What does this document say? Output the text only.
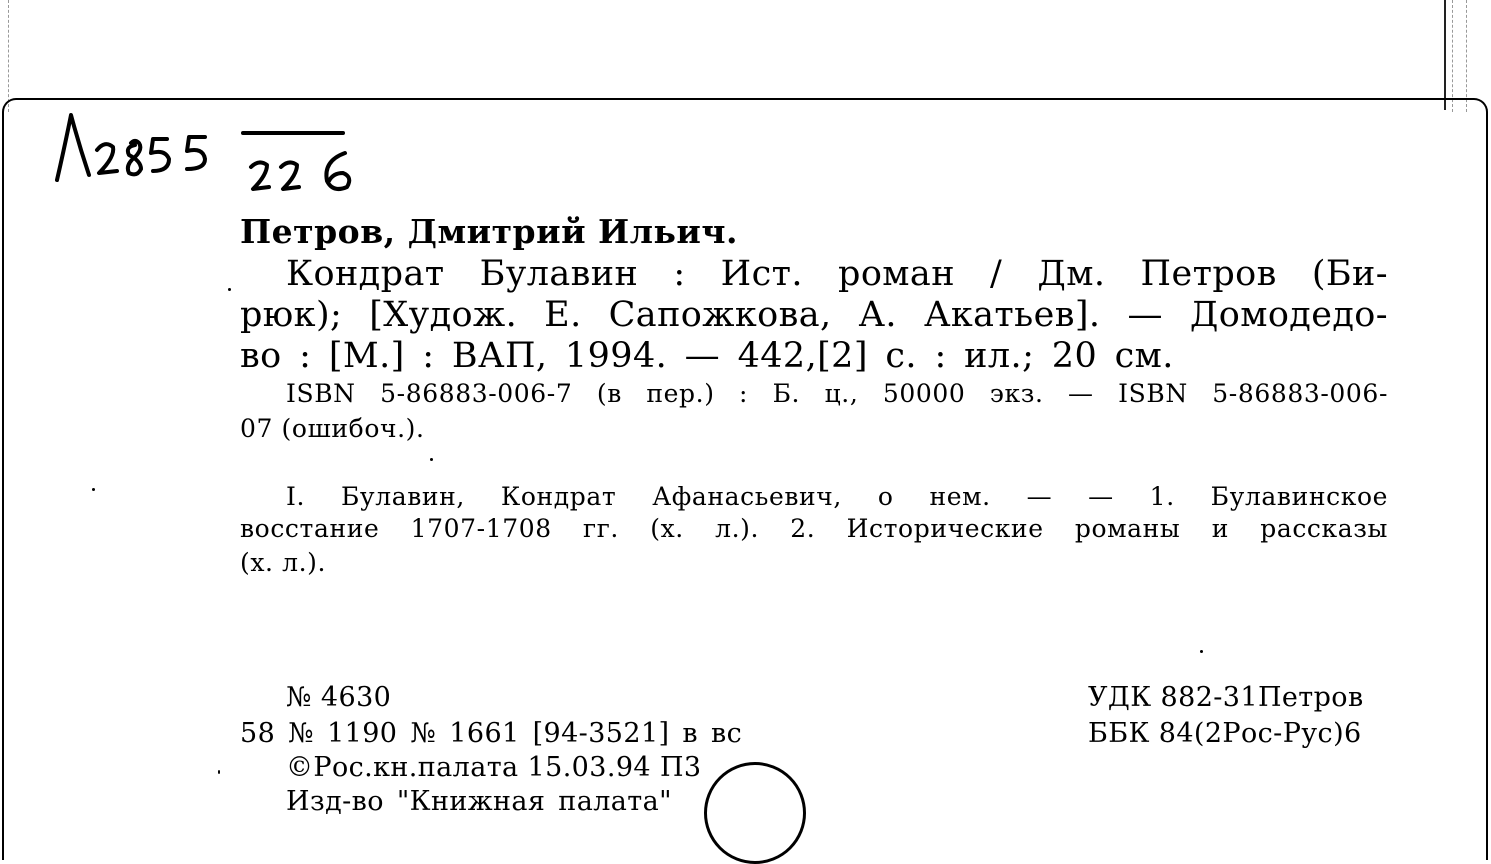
Петров, Дмитрий Ильич.
Кондрат Булавин : Ист. роман / Дм. Петров (Би-
рюк); [Худож. Е. Сапожкова, А. Акатьев]. — Домодедо-
во : [М.] : ВАП, 1994. — 442,[2] с. : ил.; 20 см.
ISBN 5-86883-006-7 (в пер.) : Б. ц., 50000 экз. — ISBN 5-86883-006-
07 (ошибоч.).
I. Булавин, Кондрат Афанасьевич, о нем. — — 1. Булавинское
восстание 1707-1708 гг. (х. л.). 2. Исторические романы и рассказы
(х. л.).
№ 4630
58 № 1190 № 1661 [94-3521] в вс
©Рос.кн.палата 15.03.94 П3
Изд-во "Книжная палата"
УДК 882-31Петров
ББК 84(2Рос-Рус)6
